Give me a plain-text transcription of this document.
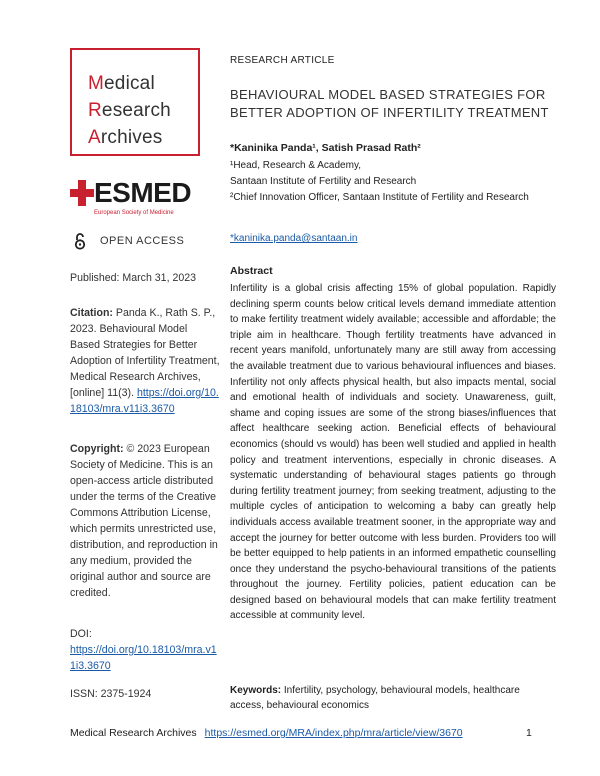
Medical
Research
Archives
ESMED
European Society of Medicine
OPEN ACCESS
Published: March 31, 2023
Citation: Panda K., Rath S. P., 2023. Behavioural Model Based Strategies for Better Adoption of Infertility Treatment, Medical Research Archives, [online] 11(3). https://doi.org/10.18103/mra.v11i3.3670
Copyright: © 2023 European Society of Medicine. This is an open-access article distributed under the terms of the Creative Commons Attribution License, which permits unrestricted use, distribution, and reproduction in any medium, provided the original author and source are credited.
DOI:
https://doi.org/10.18103/mra.v11i3.3670
ISSN: 2375-1924
RESEARCH ARTICLE
BEHAVIOURAL MODEL BASED STRATEGIES FOR BETTER ADOPTION OF INFERTILITY TREATMENT
*Kaninika Panda¹, Satish Prasad Rath²
¹Head, Research & Academy,
Santaan Institute of Fertility and Research
²Chief Innovation Officer, Santaan Institute of Fertility and Research
*kaninika.panda@santaan.in
Abstract
Infertility is a global crisis affecting 15% of global population. Rapidly declining sperm counts below critical levels demand immediate attention to make fertility treatment widely available; accessible and affordable; the triple aim in healthcare. Though fertility treatments have advanced in recent years manifold, unfortunately many are still away from accessing the available treatment due to various behavioural influences and biases. Infertility not only affects physical health, but also impacts mental, social and emotional health of individuals and society. Unawareness, guilt, shame and coping issues are some of the strong biases/influences that affect healthcare seeking action. Beneficial effects of behavioural economics (should vs would) has been well studied and applied in health policy and treatment interventions, especially in chronic diseases. A systematic understanding of behavioural stages patients go through during fertility treatment journey; from seeking treatment, adjusting to the multiple cycles of anticipation to welcoming a baby can greatly help individuals access available treatment sooner, in the appropriate way and accept the journey for better outcome with less burden. Providers too will be better equipped to help patients in an informed empathetic counselling once they understand the psycho-behavioural transitions of the patients throughout the journey. Fertility policies, patient education can be designed based on behavioural models that can make fertility treatment accessible at community level.
Keywords: Infertility, psychology, behavioural models, healthcare access, behavioural economics
Medical Research Archives https://esmed.org/MRA/index.php/mra/article/view/3670	1
